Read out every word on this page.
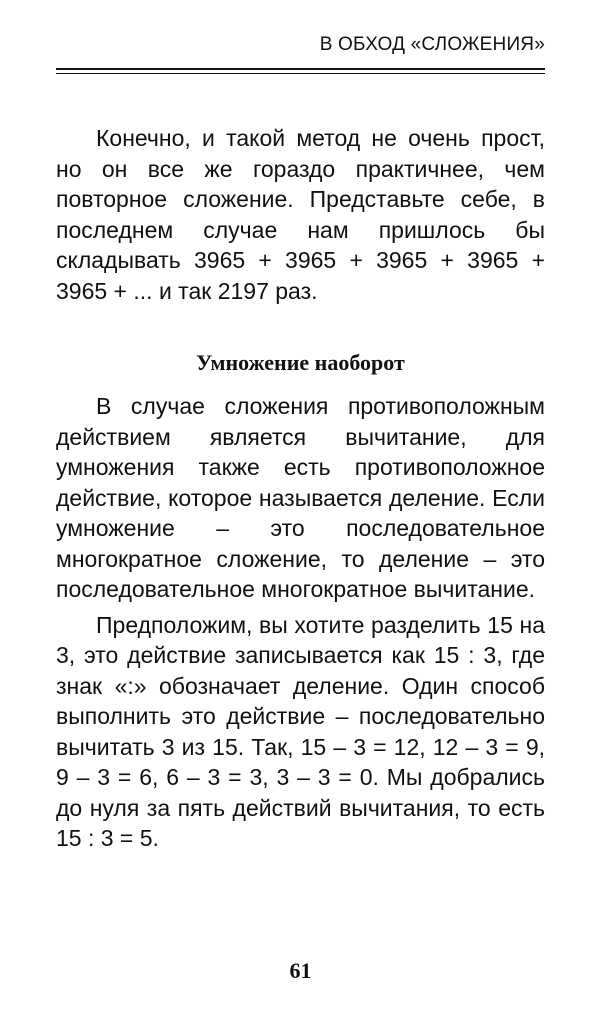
В ОБХОД «СЛОЖЕНИЯ»

Конечно, и такой метод не очень прост, но он все же гораздо практичнее, чем повторное сложение. Представьте себе, в последнем случае нам пришлось бы складывать 3965 + 3965 + 3965 + 3965 + 3965 + ... и так 2197 раз.

Умножение наоборот

В случае сложения противоположным действием является вычитание, для умножения также есть противоположное действие, которое называется деление. Если умножение – это последовательное многократное сложение, то деление – это последовательное многократное вычитание.

Предположим, вы хотите разделить 15 на 3, это действие записывается как 15 : 3, где знак «:» обозначает деление. Один способ выполнить это действие – последовательно вычитать 3 из 15. Так, 15 – 3 = 12, 12 – 3 = 9, 9 – 3 = 6, 6 – 3 = 3, 3 – 3 = 0. Мы добрались до нуля за пять действий вычитания, то есть 15 : 3 = 5.

61
